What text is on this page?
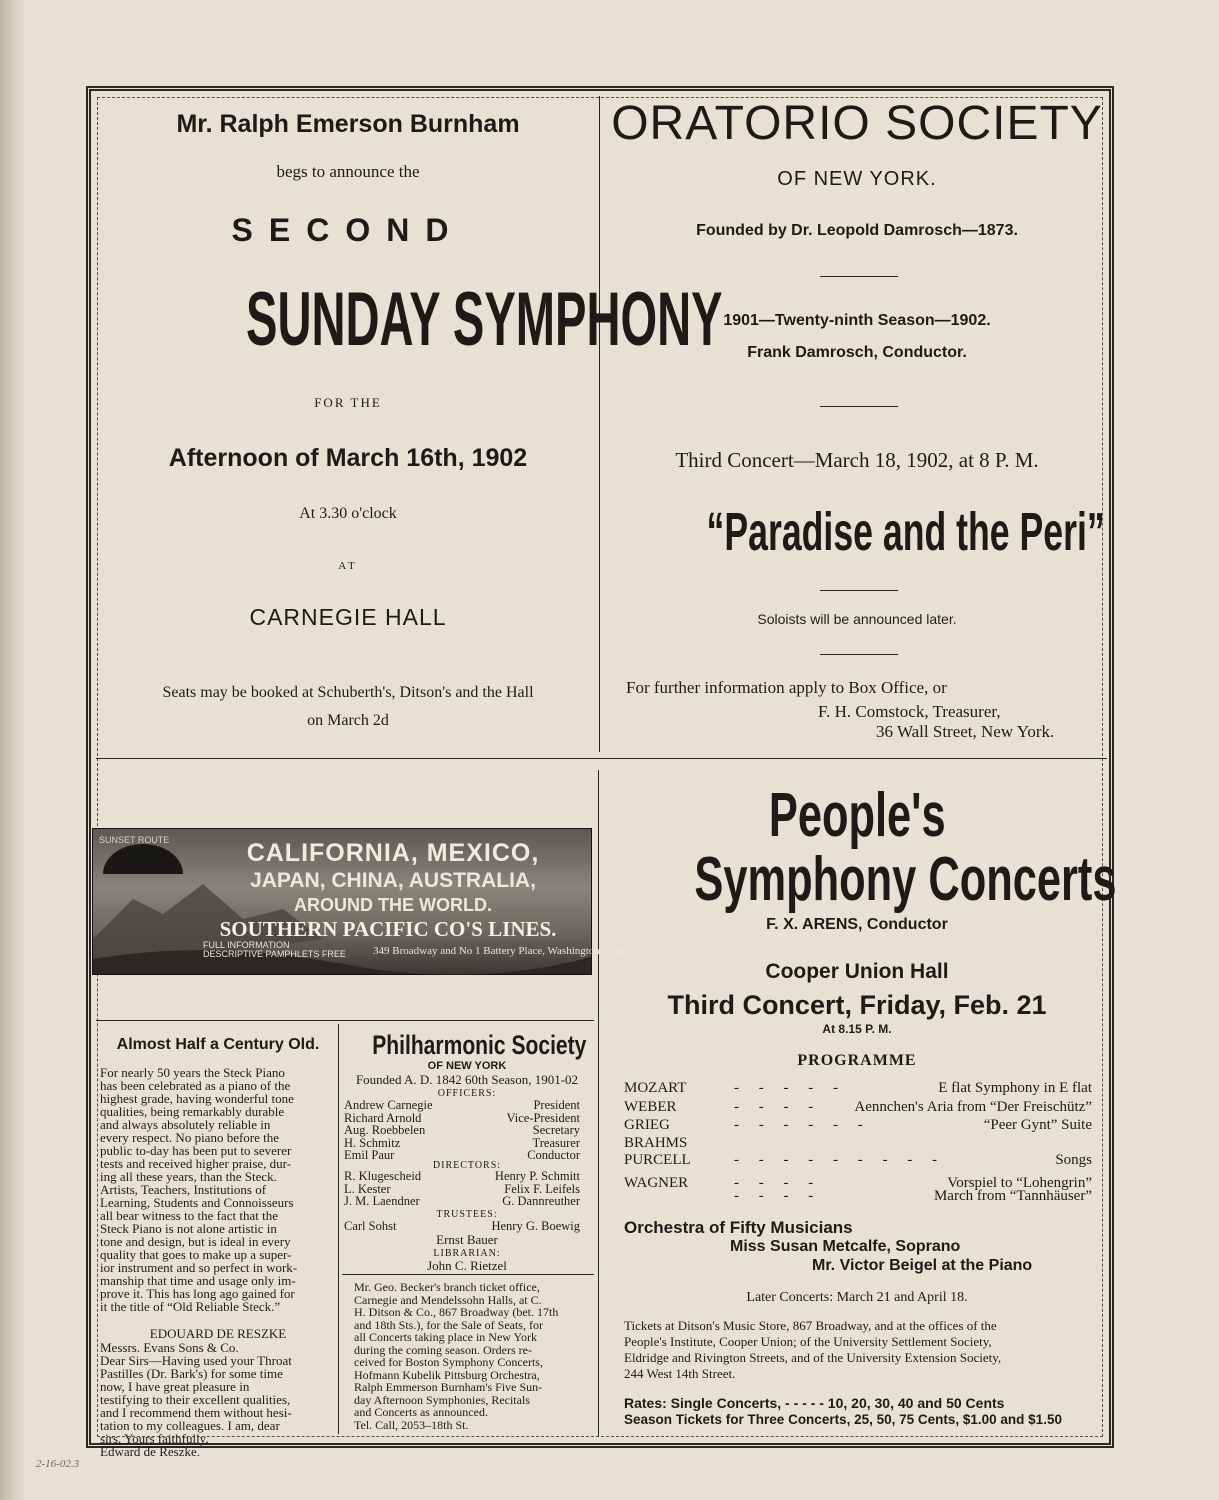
Mr. Ralph Emerson Burnham
begs to announce the
SECOND
SUNDAY SYMPHONY
FOR THE
Afternoon of March 16th, 1902
At 3.30 o'clock
AT
CARNEGIE HALL
Seats may be booked at Schuberth's, Ditson's and the Hall
on March 2d
ORATORIO SOCIETY
OF NEW YORK.
Founded by Dr. Leopold Damrosch—1873.
1901—Twenty-ninth Season—1902.
Frank Damrosch, Conductor.
Third Concert—March 18, 1902, at 8 P. M.
“Paradise and the Peri”
Soloists will be announced later.
For further information apply to Box Office, or
F. H. Comstock, Treasurer,
36 Wall Street, New York.
SUNSET ROUTE	CALIFORNIA, MEXICO,
JAPAN, CHINA, AUSTRALIA,
AROUND THE WORLD.
SOUTHERN PACIFIC CO'S LINES.
FULL INFORMATION
DESCRIPTIVE PAMPHLETS FREE 349 Broadway and No 1 Battery Place, Washington Bldg.
Almost Half a Century Old.
For nearly 50 years the Steck Piano
has been celebrated as a piano of the
highest grade, having wonderful tone
qualities, being remarkably durable
and always absolutely reliable in
every respect. No piano before the
public to-day has been put to severer
tests and received higher praise, dur-
ing all these years, than the Steck.
Artists, Teachers, Institutions of
Learning, Students and Connoisseurs
all bear witness to the fact that the
Steck Piano is not alone artistic in
tone and design, but is ideal in every
quality that goes to make up a super-
ior instrument and so perfect in work-
manship that time and usage only im-
prove it. This has long ago gained for
it the title of “Old Reliable Steck.”
EDOUARD DE RESZKE
Messrs. Evans Sons & Co.
Dear Sirs—Having used your Throat
Pastilles (Dr. Bark's) for some time
now, I have great pleasure in
testifying to their excellent qualities,
and I recommend them without hesi-
tation to my colleagues. I am, dear
sirs, Yours faithfully,
Edward de Reszke.
Philharmonic Society
OF NEW YORK
Founded A. D. 1842 60th Season, 1901-02
OFFICERS:
Andrew Carnegie	President
Richard Arnold	Vice-President
Aug. Roebbelen	Secretary
H. Schmitz	Treasurer
Emil Paur	Conductor
DIRECTORS:
R. Klugescheid	Henry P. Schmitt
L. Kester	Felix F. Leifels
J. M. Laendner	G. Dannreuther
TRUSTEES:
Carl Sohst	Henry G. Boewig
Ernst Bauer
LIBRARIAN:
John C. Rietzel
Mr. Geo. Becker's branch ticket office,
Carnegie and Mendelssohn Halls, at C.
H. Ditson & Co., 867 Broadway (bet. 17th
and 18th Sts.), for the Sale of Seats, for
all Concerts taking place in New York
during the coming season. Orders re-
ceived for Boston Symphony Concerts,
Hofmann Kubelik Pittsburg Orchestra,
Ralph Emmerson Burnham's Five Sun-
day Afternoon Symphonies, Recitals
and Concerts as announced.
Tel. Call, 2053–18th St.
People's
Symphony Concerts
F. X. ARENS, Conductor
Cooper Union Hall
Third Concert, Friday, Feb. 21
At 8.15 P. M.
PROGRAMME
MOZART	- - - - -	E flat Symphony in E flat
WEBER	- - - - Aennchen's Aria from “Der Freischütz”
GRIEG	- - - - - -	“Peer Gynt” Suite
BRAHMS
PURCELL	- - - - - - - - -	Songs
WAGNER	- - - -	Vorspiel to “Lohengrin”
- - - -	March from “Tannhäuser”
Orchestra of Fifty Musicians
Miss Susan Metcalfe, Soprano
Mr. Victor Beigel at the Piano
Later Concerts: March 21 and April 18.
Tickets at Ditson's Music Store, 867 Broadway, and at the offices of the
People's Institute, Cooper Union; of the University Settlement Society,
Eldridge and Rivington Streets, and of the University Extension Society,
244 West 14th Street.
Rates: Single Concerts, - - - - - 10, 20, 30, 40 and 50 Cents
Season Tickets for Three Concerts, 25, 50, 75 Cents, $1.00 and $1.50
2-16-02.3
